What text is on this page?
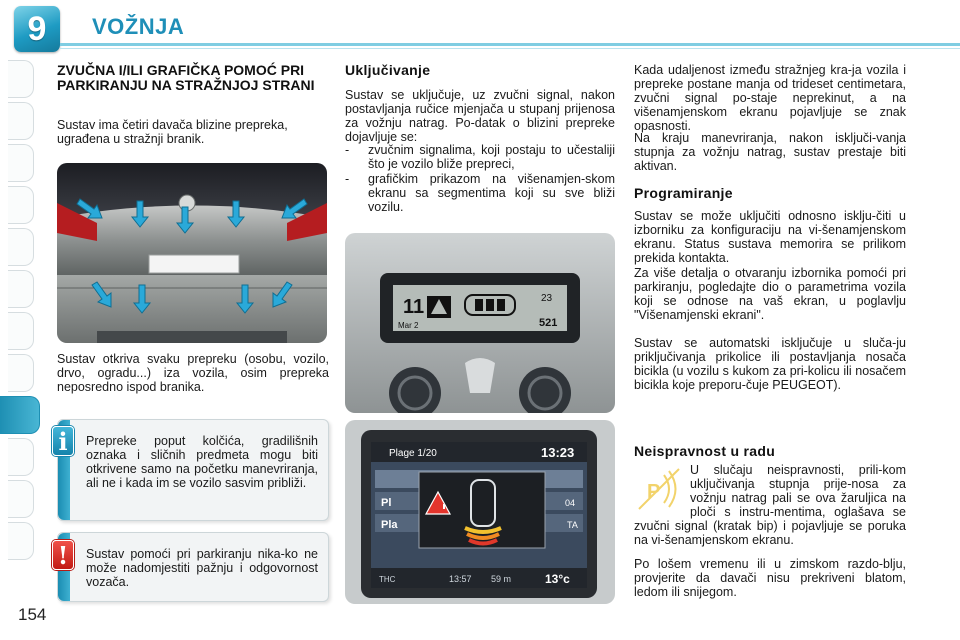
9	VOŽNJA
154
ZVUČNA I/ILI GRAFIČKA POMOĆ PRI PARKIRANJU NA STRAŽNJOJ STRANI
Sustav ima četiri davača blizine prepreka, ugrađena u stražnji branik.
Sustav otkriva svaku prepreku (osobu, vozilo, drvo, ogradu...) iza vozila, osim prepreka neposredno ispod branika.
Prepreke poput kolčića, gradilišnih oznaka i sličnih predmeta mogu biti otkrivene samo na početku manevriranja, ali ne i kada im se vozilo sasvim približi.
i
Sustav pomoći pri parkiranju nika-ko ne može nadomjestiti pažnju i odgovornost vozača.
!
Uključivanje
Sustav se uključuje, uz zvučni signal, nakon postavljanja ručice mjenjača u stupanj prijenosa za vožnju natrag. Po-datak o blizini prepreke dojavljuje se:
-	zvučnim signalima, koji postaju to učestaliji što je vozilo bliže prepreci,
-	grafičkim prikazom na višenamjen-skom ekranu sa segmentima koji su sve bliži vozilu.
11
Mar 2
23
521
Plage 1/20	13:23
Pl
Pla
04
TA
THC	13:57 59 m	13°c
Kada udaljenost između stražnjeg kra-ja vozila i prepreke postane manja od trideset centimetara, zvučni signal po-staje neprekinut, a na višenamjenskom ekranu pojavljuje se znak opasnosti.
Na kraju manevriranja, nakon isključi-vanja stupnja za vožnju natrag, sustav prestaje biti aktivan.
Programiranje
Sustav se može uključiti odnosno isklju-čiti u izborniku za konfiguraciju na vi-šenamjenskom ekranu. Status sustava memorira se prilikom prekida kontakta.
Za više detalja o otvaranju izbornika pomoći pri parkiranju, pogledajte dio o parametrima vozila koji se odnose na vaš ekran, u poglavlju "Višenamjenski ekrani".
Sustav se automatski isključuje u sluča-ju priključivanja prikolice ili postavljanja nosača bicikla (u vozilu s kukom za pri-kolicu ili nosačem bicikla koje preporu-čuje PEUGEOT).
Neispravnost u radu
P
U slučaju neispravnosti, prili-kom uključivanja stupnja prije-nosa za vožnju natrag pali se ova žaruljica na ploči s instru-mentima, oglašava se zvučni signal (kratak bip) i pojavljuje se poruka na vi-šenamjenskom ekranu.
Po lošem vremenu ili u zimskom razdo-blju, provjerite da davači nisu prekriveni blatom, ledom ili snijegom.
